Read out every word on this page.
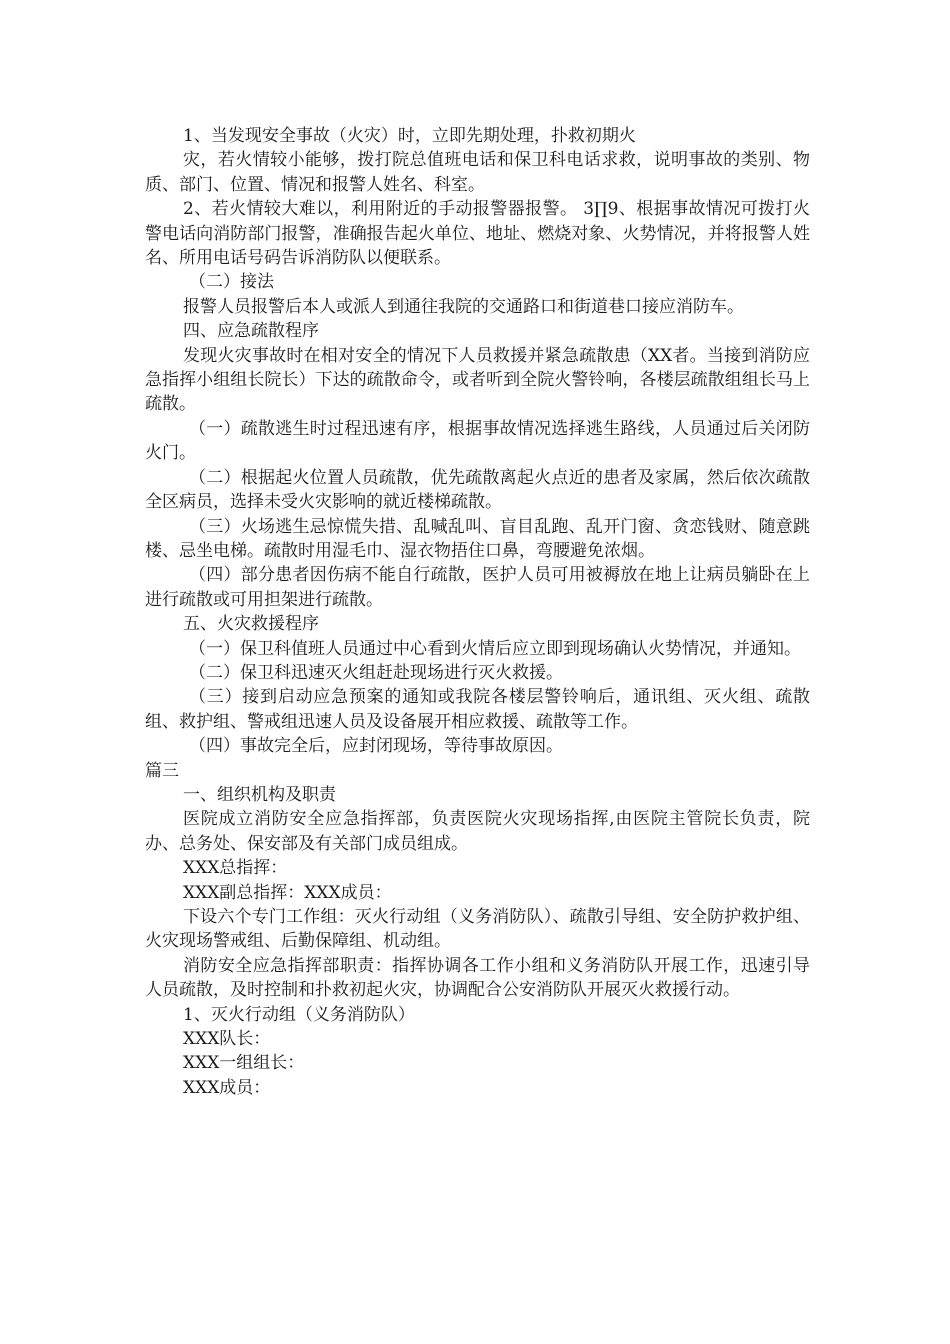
1、当发现安全事故（火灾）时，立即先期处理，扑救初期火

灾，若火情较小能够，拨打院总值班电话和保卫科电话求救，说明事故的类别、物质、部门、位置、情况和报警人姓名、科室。

2、若火情较大难以，利用附近的手动报警器报警。 3∏9、根据事故情况可拨打火警电话向消防部门报警，准确报告起火单位、地址、燃烧对象、火势情况，并将报警人姓名、所用电话号码告诉消防队以便联系。

（二）接法

报警人员报警后本人或派人到通往我院的交通路口和街道巷口接应消防车。

四、应急疏散程序

发现火灾事故时在相对安全的情况下人员救援并紧急疏散患（XX者。当接到消防应急指挥小组组长院长）下达的疏散命令，或者听到全院火警铃响，各楼层疏散组组长马上疏散。

（一）疏散逃生时过程迅速有序，根据事故情况选择逃生路线，人员通过后关闭防火门。

（二）根据起火位置人员疏散，优先疏散离起火点近的患者及家属，然后依次疏散全区病员，选择未受火灾影响的就近楼梯疏散。

（三）火场逃生忌惊慌失措、乱喊乱叫、盲目乱跑、乱开门窗、贪恋钱财、随意跳楼、忌坐电梯。疏散时用湿毛巾、湿衣物捂住口鼻，弯腰避免浓烟。

（四）部分患者因伤病不能自行疏散，医护人员可用被褥放在地上让病员躺卧在上进行疏散或可用担架进行疏散。

五、火灾救援程序

（一）保卫科值班人员通过中心看到火情后应立即到现场确认火势情况，并通知。

（二）保卫科迅速灭火组赶赴现场进行灭火救援。

（三）接到启动应急预案的通知或我院各楼层警铃响后，通讯组、灭火组、疏散组、救护组、警戒组迅速人员及设备展开相应救援、疏散等工作。

（四）事故完全后，应封闭现场，等待事故原因。

篇三

一、组织机构及职责

医院成立消防安全应急指挥部，负责医院火灾现场指挥,由医院主管院长负责，院办、总务处、保安部及有关部门成员组成。

XXX总指挥：

XXX副总指挥：XXX成员：

下设六个专门工作组：灭火行动组（义务消防队）、疏散引导组、安全防护救护组、火灾现场警戒组、后勤保障组、机动组。

消防安全应急指挥部职责：指挥协调各工作小组和义务消防队开展工作，迅速引导人员疏散，及时控制和扑救初起火灾，协调配合公安消防队开展灭火救援行动。

1、灭火行动组（义务消防队）

XXX队长：

XXX一组组长：

XXX成员：
